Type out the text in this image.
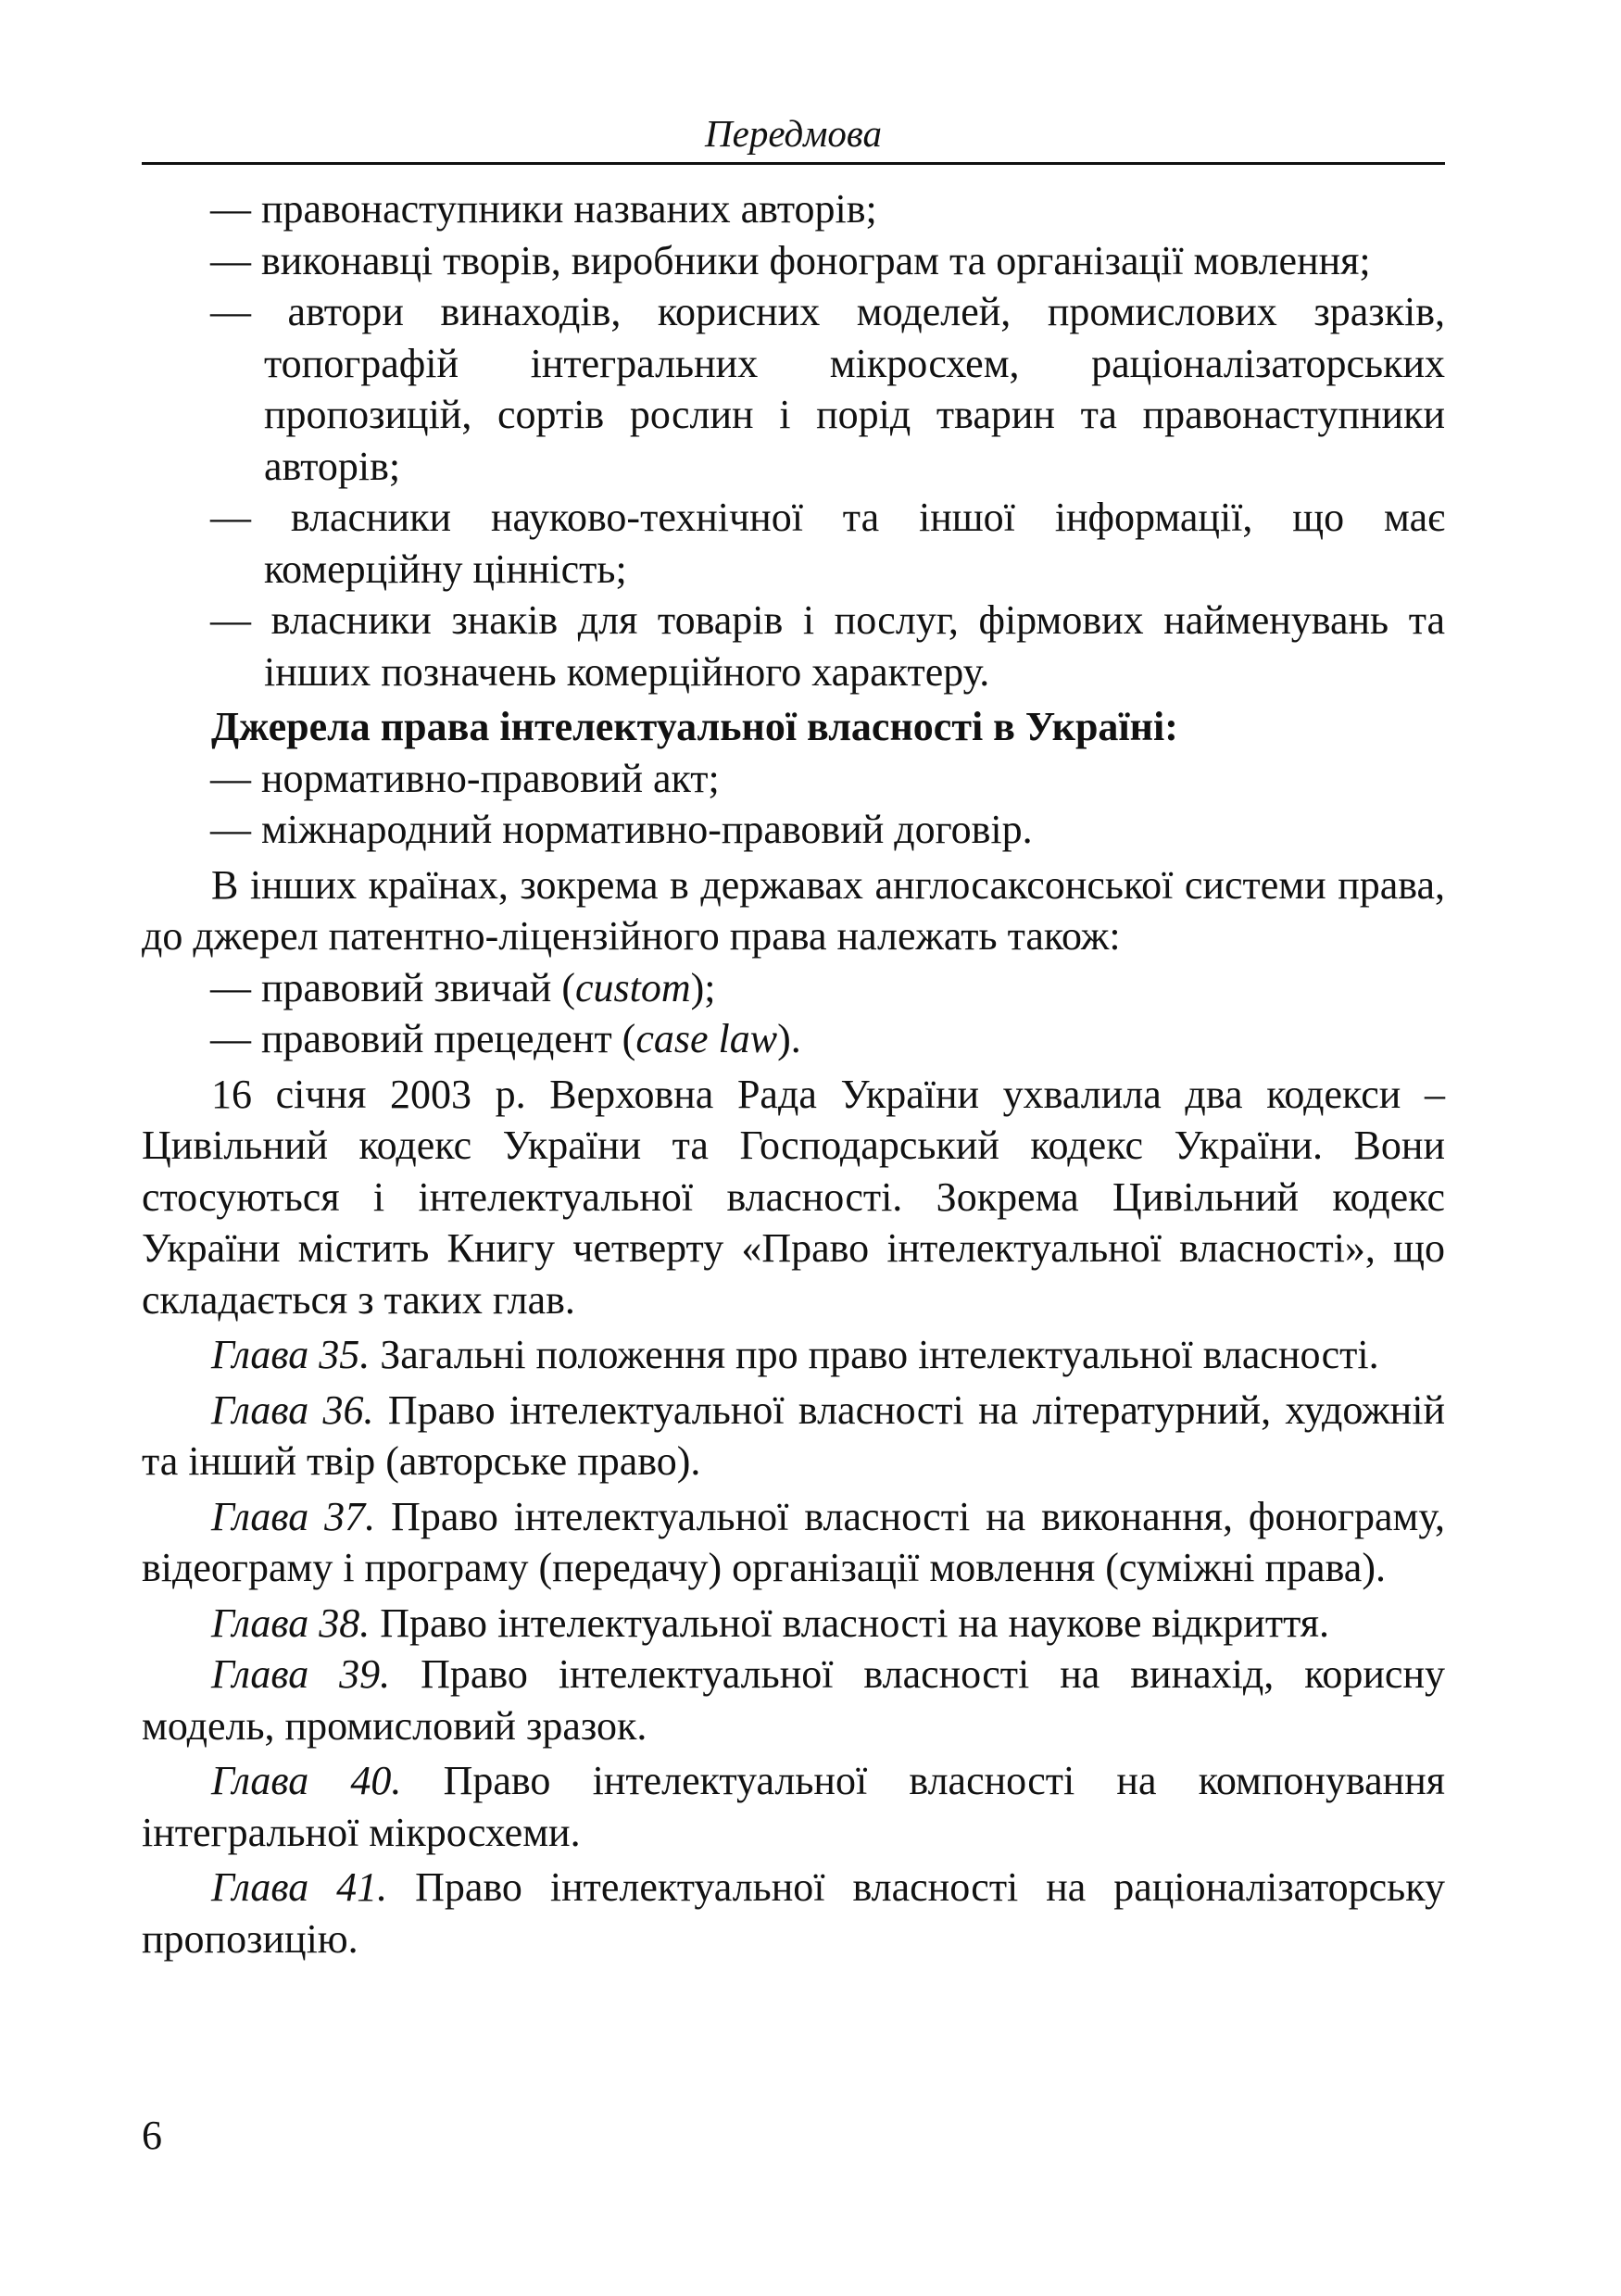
Передмова

— правонаступники названих авторів;

— виконавці творів, виробники фонограм та організації мовлення;

— автори винаходів, корисних моделей, промислових зразків, топографій інтегральних мікросхем, раціоналізаторських пропозицій, сортів рослин і порід тварин та правонаступники авторів;

— власники науково-технічної та іншої інформації, що має комерційну цінність;

— власники знаків для товарів і послуг, фірмових найменувань та інших позначень комерційного характеру.

Джерела права інтелектуальної власності в Україні:

— нормативно-правовий акт;

— міжнародний нормативно-правовий договір.

В інших країнах, зокрема в державах англосаксонської системи права, до джерел патентно-ліцензійного права належать також:

— правовий звичай (custom);

— правовий прецедент (case law).

16 січня 2003 р. Верховна Рада України ухвалила два кодекси – Цивільний кодекс України та Господарський кодекс України. Вони стосуються і інтелектуальної власності. Зокрема Цивільний кодекс України містить Книгу четверту «Право інтелектуальної власності», що складається з таких глав.

Глава 35. Загальні положення про право інтелектуальної власності.

Глава 36. Право інтелектуальної власності на літературний, художній та інший твір (авторське право).

Глава 37. Право інтелектуальної власності на виконання, фонограму, відеограму і програму (передачу) організації мовлення (суміжні права).

Глава 38. Право інтелектуальної власності на наукове відкриття.

Глава 39. Право інтелектуальної власності на винахід, корисну модель, промисловий зразок.

Глава 40. Право інтелектуальної власності на компонування інтегральної мікросхеми.

Глава 41. Право інтелектуальної власності на раціоналізаторську пропозицію.

6
